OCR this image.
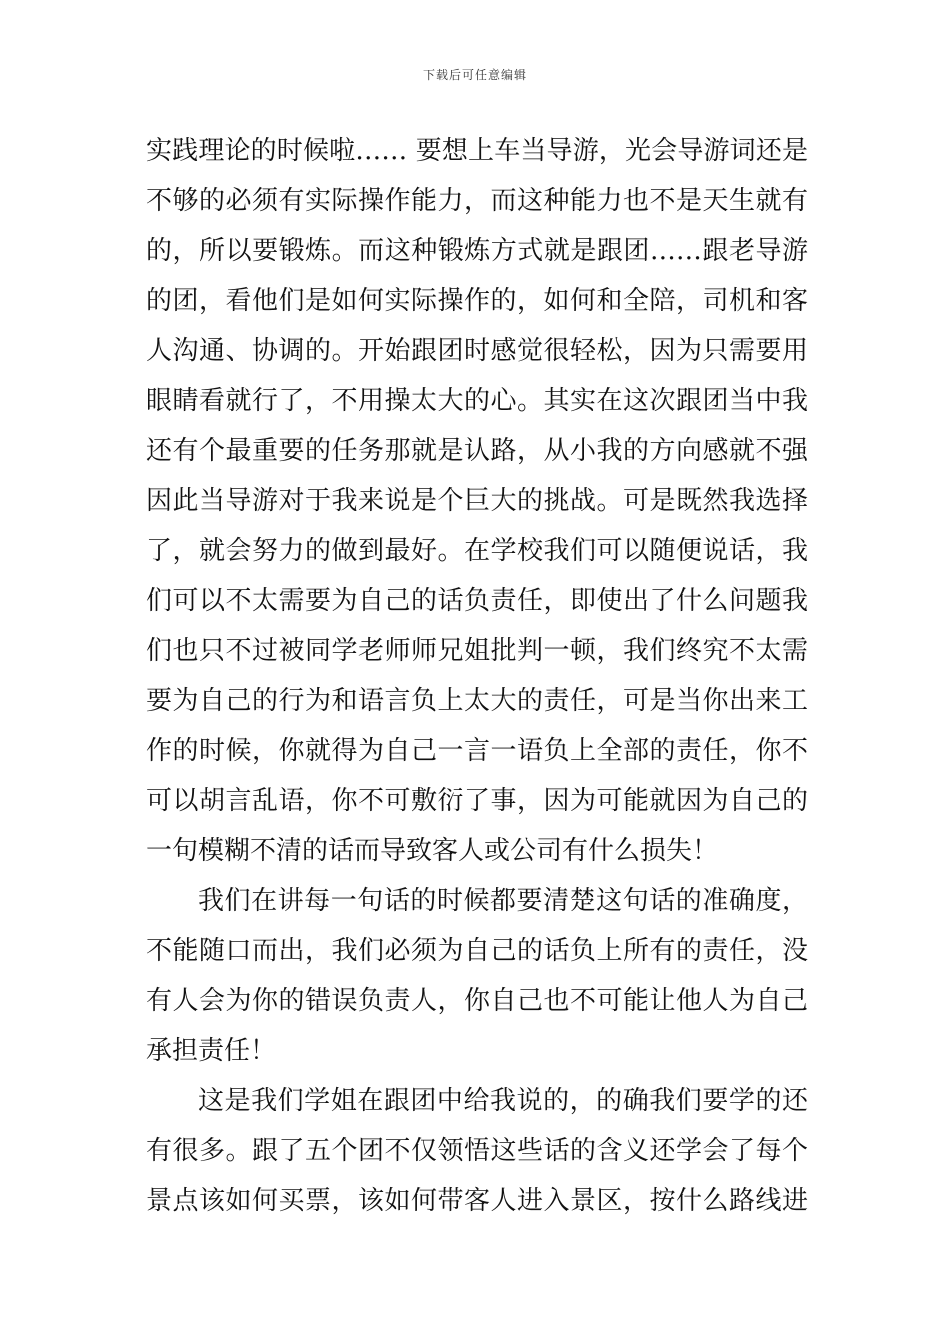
下载后可任意编辑
实践理论的时候啦…… 要想上车当导游，光会导游词还是
不够的必须有实际操作能力，而这种能力也不是天生就有
的，所以要锻炼。而这种锻炼方式就是跟团……跟老导游
的团，看他们是如何实际操作的，如何和全陪，司机和客
人沟通、协调的。开始跟团时感觉很轻松，因为只需要用
眼睛看就行了，不用操太大的心。其实在这次跟团当中我
还有个最重要的任务那就是认路，从小我的方向感就不强
因此当导游对于我来说是个巨大的挑战。可是既然我选择
了，就会努力的做到最好。在学校我们可以随便说话，我
们可以不太需要为自己的话负责任，即使出了什么问题我
们也只不过被同学老师师兄姐批判一顿，我们终究不太需
要为自己的行为和语言负上太大的责任，可是当你出来工
作的时候，你就得为自己一言一语负上全部的责任，你不
可以胡言乱语，你不可敷衍了事，因为可能就因为自己的
一句模糊不清的话而导致客人或公司有什么损失！
我们在讲每一句话的时候都要清楚这句话的准确度，
不能随口而出，我们必须为自己的话负上所有的责任，没
有人会为你的错误负责人，你自己也不可能让他人为自己
承担责任！
这是我们学姐在跟团中给我说的，的确我们要学的还
有很多。跟了五个团不仅领悟这些话的含义还学会了每个
景点该如何买票，该如何带客人进入景区，按什么路线进
